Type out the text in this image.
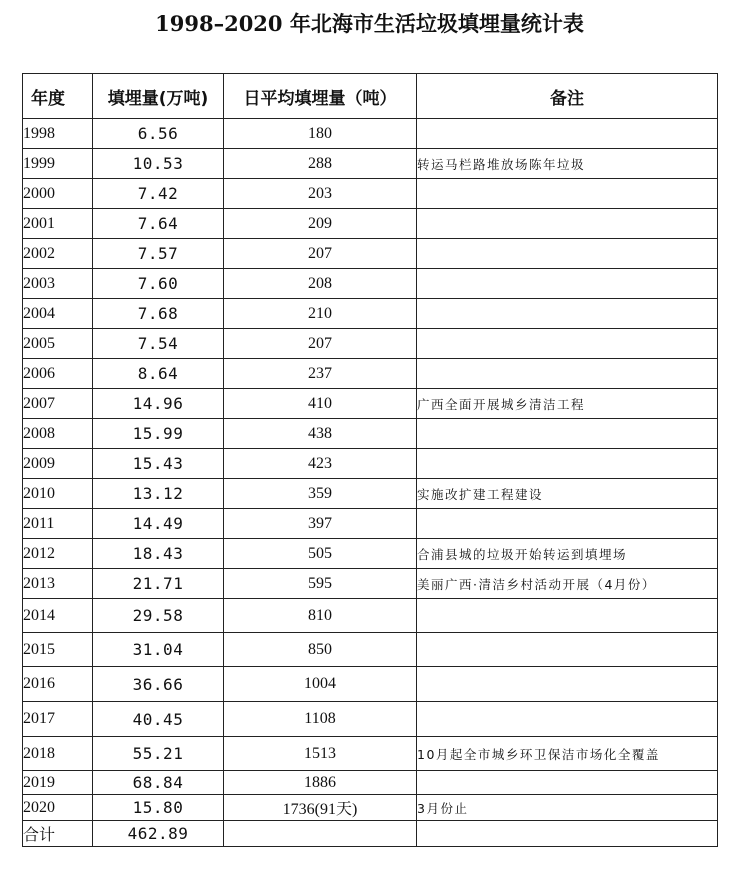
1998–2020 年北海市生活垃圾填埋量统计表
年度	填埋量(万吨)	日平均填埋量（吨）	备注
1998	6.56	180	
1999	10.53	288	转运马栏路堆放场陈年垃圾
2000	7.42	203	
2001	7.64	209	
2002	7.57	207	
2003	7.60	208	
2004	7.68	210	
2005	7.54	207	
2006	8.64	237	
2007	14.96	410	广西全面开展城乡清洁工程
2008	15.99	438	
2009	15.43	423	
2010	13.12	359	实施改扩建工程建设
2011	14.49	397	
2012	18.43	505	合浦县城的垃圾开始转运到填埋场
2013	21.71	595	美丽广西·清洁乡村活动开展（4月份）
2014	29.58	810	
2015	31.04	850	
2016	36.66	1004	
2017	40.45	1108	
2018	55.21	1513	10月起全市城乡环卫保洁市场化全覆盖
2019	68.84	1886	
2020	15.80	1736(91天)	3月份止
合计	462.89		
